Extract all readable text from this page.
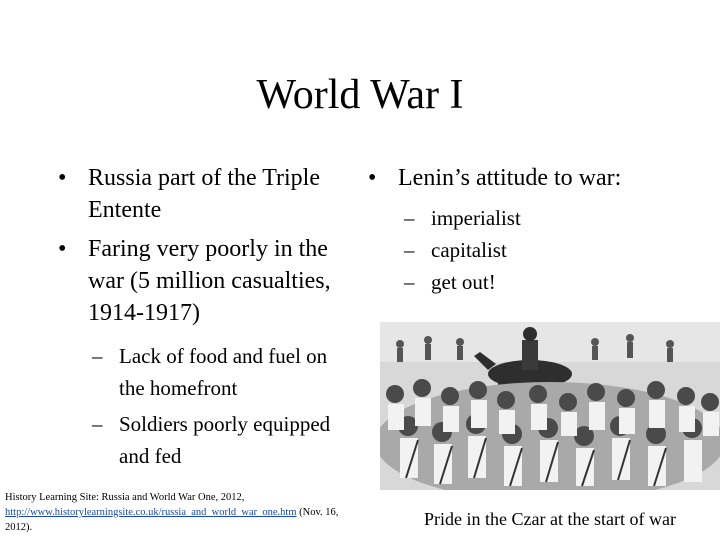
World War I
• Russia part of the Triple Entente
• Faring very poorly in the war (5 million casualties, 1914-1917)
– Lack of food and fuel on the homefront
– Soldiers poorly equipped and fed
• Lenin’s attitude to war:
– imperialist
– capitalist
– get out!
History Learning Site: Russia and World War One, 2012, http://www.historylearningsite.co.uk/russia_and_world_war_one.htm (Nov. 16, 2012).	Pride in the Czar at the start of war
